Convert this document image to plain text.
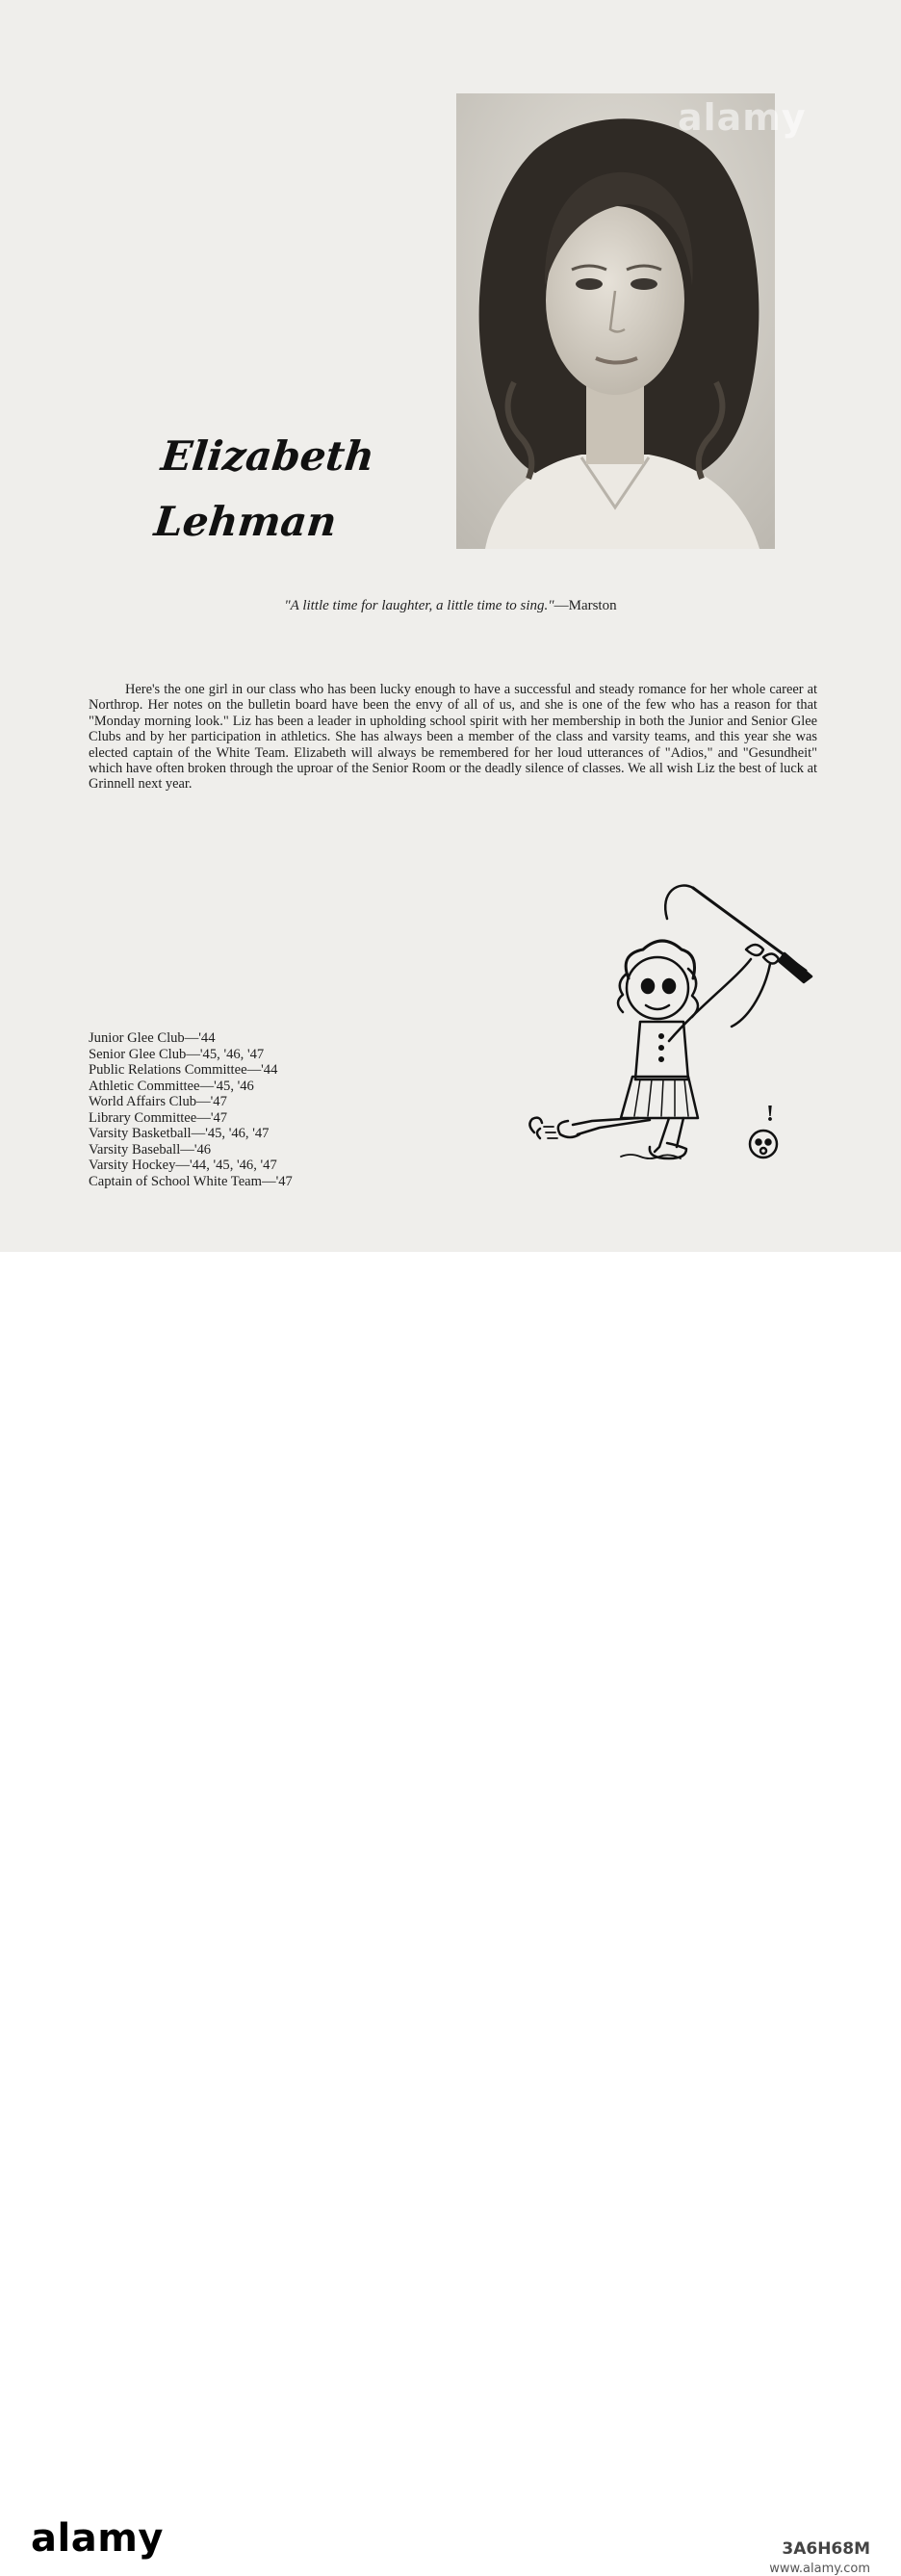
alamy
Elizabeth
Lehman
"A little time for laughter, a little time to sing."—Marston

Here's the one girl in our class who has been lucky enough to have a successful and steady romance for her whole career at Northrop. Her notes on the bulletin board have been the envy of all of us, and she is one of the few who has a reason for that "Monday morning look." Liz has been a leader in upholding school spirit with her membership in both the Junior and Senior Glee Clubs and by her participation in athletics. She has always been a member of the class and varsity teams, and this year she was elected captain of the White Team. Elizabeth will always be remembered for her loud utterances of "Adios," and "Gesundheit" which have often broken through the uproar of the Senior Room or the deadly silence of classes. We all wish Liz the best of luck at Grinnell next year.

Junior Glee Club—'44
Senior Glee Club—'45, '46, '47
Public Relations Committee—'44
Athletic Committee—'45, '46
World Affairs Club—'47
Library Committee—'47
Varsity Basketball—'45, '46, '47
Varsity Baseball—'46
Varsity Hockey—'44, '45, '46, '47
Captain of School White Team—'47
!
alamy	3A6H68M
www.alamy.com
